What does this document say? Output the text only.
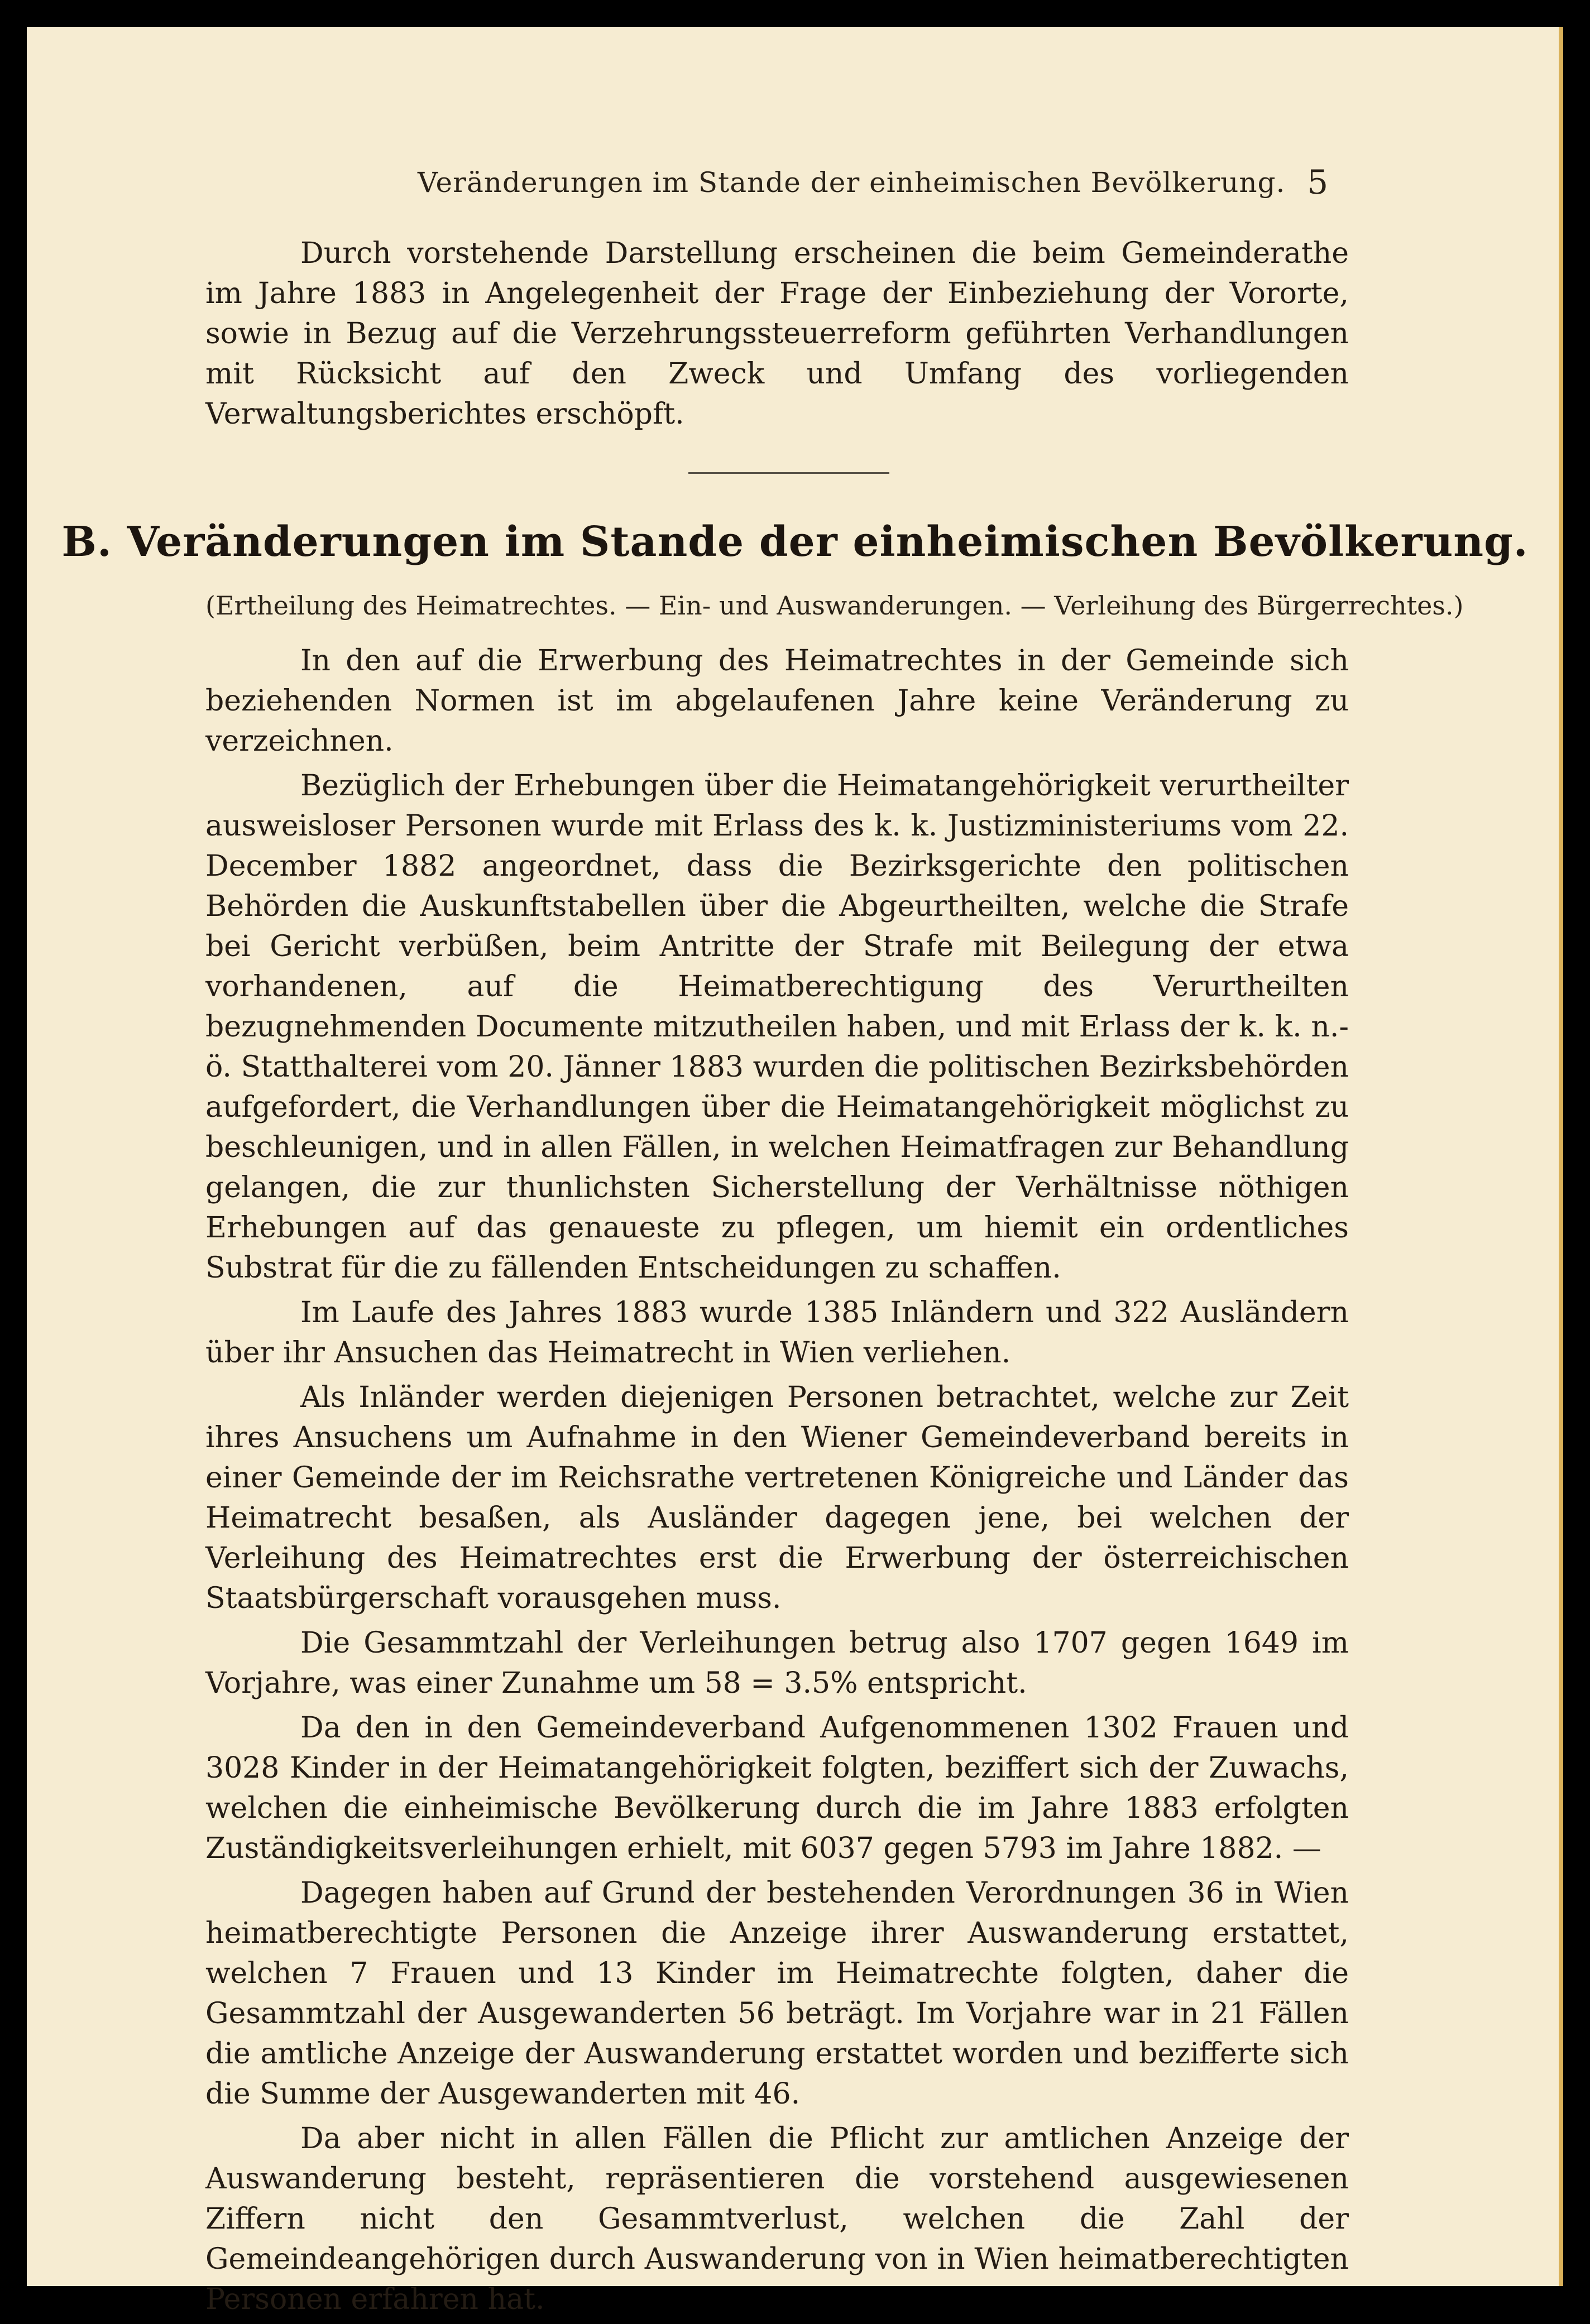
Veränderungen im Stande der einheimischen Bevölkerung. 5

Durch vorstehende Darstellung erscheinen die beim Gemeinderathe im Jahre 1883 in Angelegenheit der Frage der Einbeziehung der Vororte, sowie in Bezug auf die Verzehrungssteuerreform geführten Verhandlungen mit Rücksicht auf den Zweck und Umfang des vorliegenden Verwaltungsberichtes erschöpft.

B. Veränderungen im Stande der einheimischen Bevölkerung.

(Ertheilung des Heimatrechtes. — Ein- und Auswanderungen. — Verleihung des Bürgerrechtes.)

In den auf die Erwerbung des Heimatrechtes in der Gemeinde sich beziehenden Normen ist im abgelaufenen Jahre keine Veränderung zu verzeichnen.

Bezüglich der Erhebungen über die Heimatangehörigkeit verurtheilter ausweisloser Personen wurde mit Erlass des k. k. Justizministeriums vom 22. December 1882 angeordnet, dass die Bezirksgerichte den politischen Behörden die Auskunftstabellen über die Abgeurtheilten, welche die Strafe bei Gericht verbüßen, beim Antritte der Strafe mit Beilegung der etwa vorhandenen, auf die Heimatberechtigung des Verurtheilten bezugnehmenden Documente mitzutheilen haben, und mit Erlass der k. k. n.-ö. Statthalterei vom 20. Jänner 1883 wurden die politischen Bezirksbehörden aufgefordert, die Verhandlungen über die Heimatangehörigkeit möglichst zu beschleunigen, und in allen Fällen, in welchen Heimatfragen zur Behandlung gelangen, die zur thunlichsten Sicherstellung der Verhältnisse nöthigen Erhebungen auf das genaueste zu pflegen, um hiemit ein ordentliches Substrat für die zu fällenden Entscheidungen zu schaffen.

Im Laufe des Jahres 1883 wurde 1385 Inländern und 322 Ausländern über ihr Ansuchen das Heimatrecht in Wien verliehen.

Als Inländer werden diejenigen Personen betrachtet, welche zur Zeit ihres Ansuchens um Aufnahme in den Wiener Gemeindeverband bereits in einer Gemeinde der im Reichsrathe vertretenen Königreiche und Länder das Heimatrecht besaßen, als Ausländer dagegen jene, bei welchen der Verleihung des Heimatrechtes erst die Erwerbung der österreichischen Staatsbürgerschaft vorausgehen muss.

Die Gesammtzahl der Verleihungen betrug also 1707 gegen 1649 im Vorjahre, was einer Zunahme um 58 = 3.5% entspricht.

Da den in den Gemeindeverband Aufgenommenen 1302 Frauen und 3028 Kinder in der Heimatangehörigkeit folgten, beziffert sich der Zuwachs, welchen die einheimische Bevölkerung durch die im Jahre 1883 erfolgten Zuständigkeitsverleihungen erhielt, mit 6037 gegen 5793 im Jahre 1882. —

Dagegen haben auf Grund der bestehenden Verordnungen 36 in Wien heimatberechtigte Personen die Anzeige ihrer Auswanderung erstattet, welchen 7 Frauen und 13 Kinder im Heimatrechte folgten, daher die Gesammtzahl der Ausgewanderten 56 beträgt. Im Vorjahre war in 21 Fällen die amtliche Anzeige der Auswanderung erstattet worden und bezifferte sich die Summe der Ausgewanderten mit 46.

Da aber nicht in allen Fällen die Pflicht zur amtlichen Anzeige der Auswanderung besteht, repräsentieren die vorstehend ausgewiesenen Ziffern nicht den Gesammtverlust, welchen die Zahl der Gemeindeangehörigen durch Auswanderung von in Wien heimatberechtigten Personen erfahren hat.
